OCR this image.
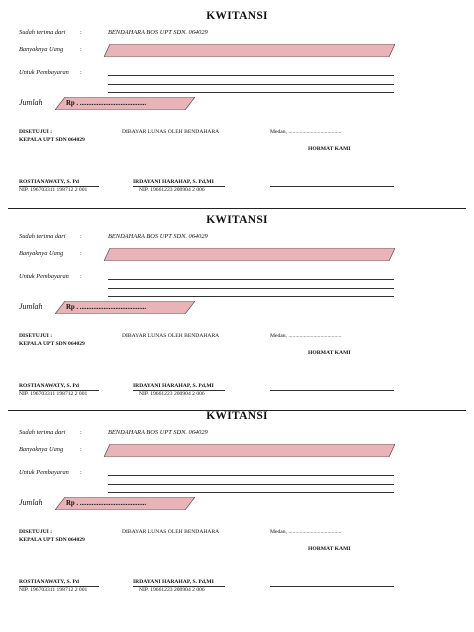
KWITANSI
Sudah terima dari :	BENDAHARA BOS UPT SDN. 064029
Banyaknya Uang	:
Untuk Pembayaran :
Jumlah	Rp . .......................................
DISETUJUI :
KEPALA UPT SDN 064029
DIBAYAR LUNAS OLEH BENDAHARA	Medan, ......................................
HORMAT KAMI
ROSTIANAWATY, S. Pd
NIP. 196703311 198712 2 001
IRDAYANI HARAHAP, S. Pd,MI
NIP. 19661223 200904 2 006
KWITANSI
Sudah terima dari :	BENDAHARA BOS UPT SDN. 064029
Banyaknya Uang	:
Untuk Pembayaran :
Jumlah	Rp . .......................................
DISETUJUI :
KEPALA UPT SDN 064029
DIBAYAR LUNAS OLEH BENDAHARA	Medan, ......................................
HORMAT KAMI
ROSTIANAWATY, S. Pd
NIP. 196703311 198712 2 001
IRDAYANI HARAHAP, S. Pd,MI
NIP. 19661223 200904 2 006
KWITANSI
Sudah terima dari :	BENDAHARA BOS UPT SDN. 064029
Banyaknya Uang	:
Untuk Pembayaran :
Jumlah	Rp . .......................................
DISETUJUI :
KEPALA UPT SDN 064029
DIBAYAR LUNAS OLEH BENDAHARA	Medan, ......................................
HORMAT KAMI
ROSTIANAWATY, S. Pd
NIP. 196703311 198712 2 001
IRDAYANI HARAHAP, S. Pd,MI
NIP. 19661223 200904 2 006
